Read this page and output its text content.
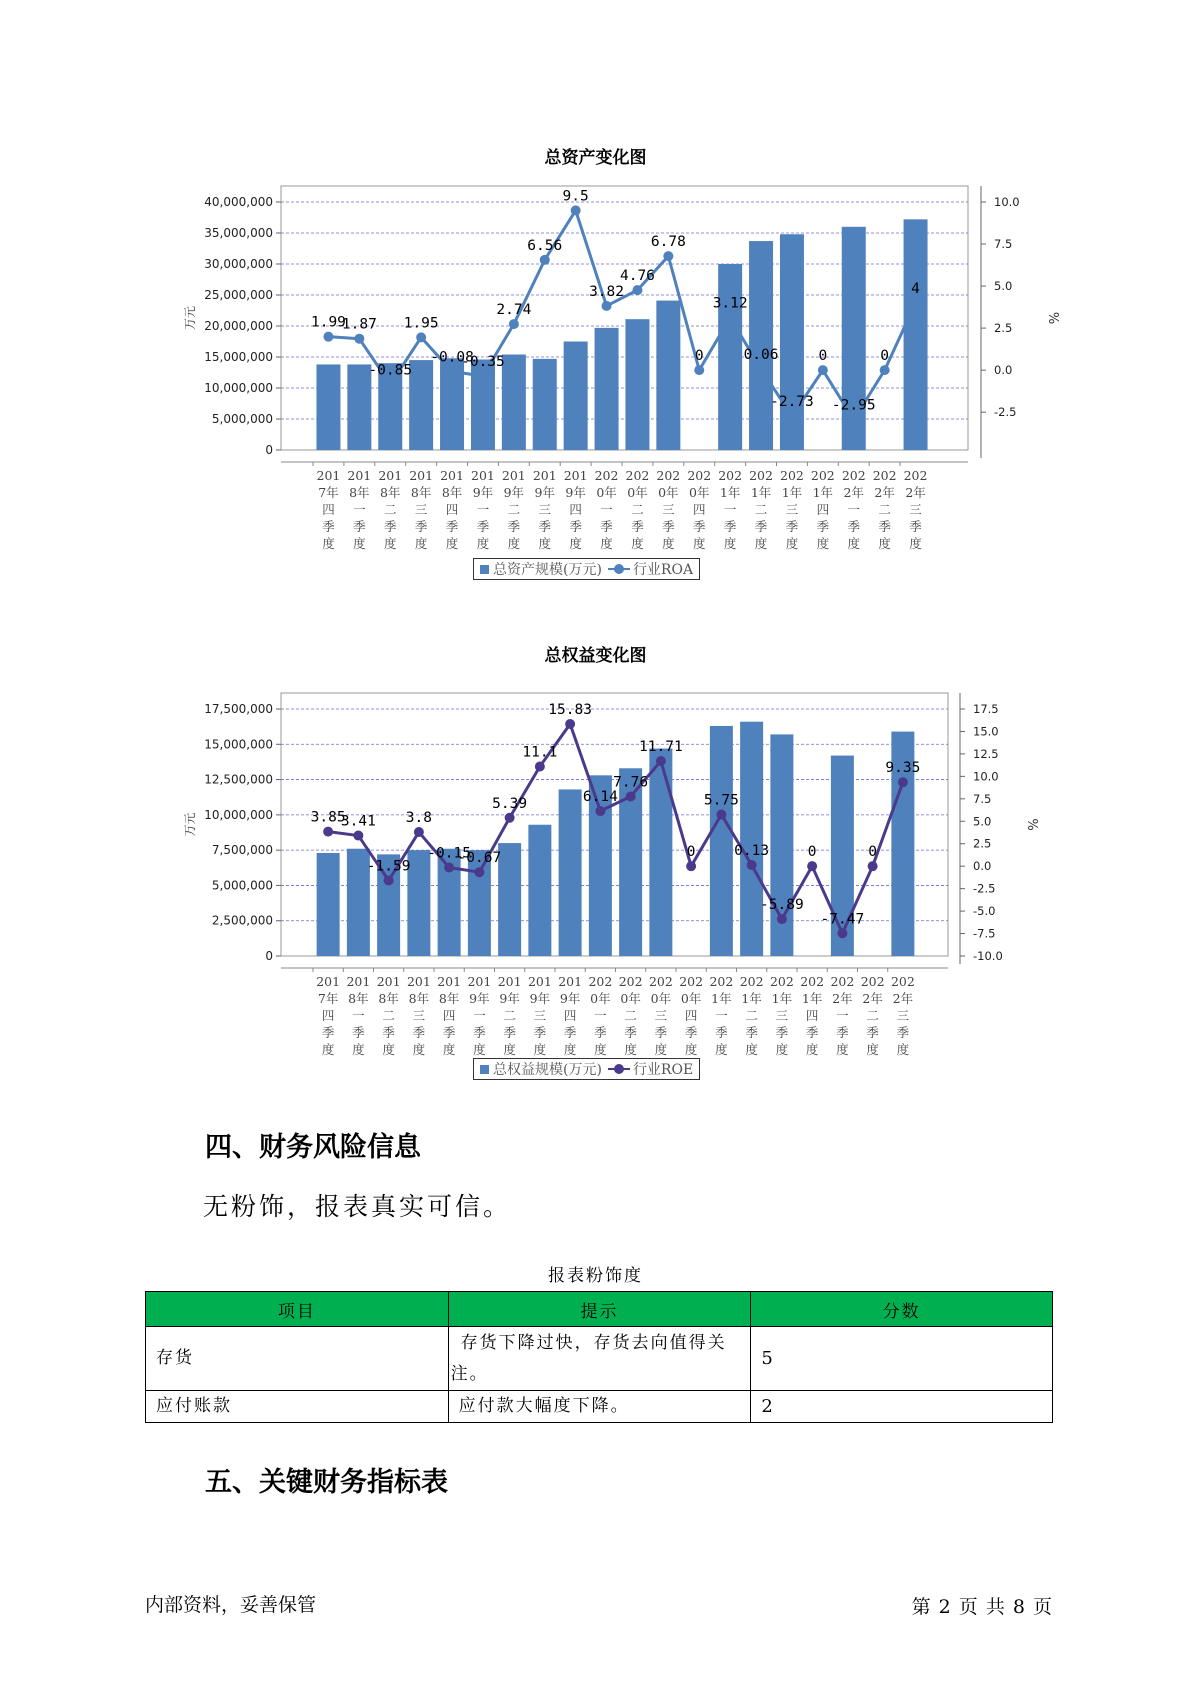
总资产变化图
0
5,000,000
10,000,000
15,000,000
20,000,000
25,000,000
30,000,000
35,000,000
40,000,000
-2.5
0.0
2.5
5.0
7.5
10.0
万元	%
201 7年四季度
201 8年一季度
201 8年二季度
201 8年三季度
201 8年四季度
201 9年一季度
201 9年二季度
201 9年三季度
201 9年四季度
202 0年一季度
202 0年二季度
202 0年三季度
202 0年四季度
202 1年一季度
202 1年二季度
202 1年三季度
202 1年四季度
202 2年一季度
202 2年二季度
202 2年三季度
1.99
1.87
-0.85
1.95
-0.08
-0.35
2.74
6.56
9.5
3.82
4.76
6.78
0
3.12
0.06
-2.73
0
-2.95
0
4
总资产规模(万元) 行业ROA
总权益变化图
0
2,500,000
5,000,000
7,500,000
10,000,000
12,500,000
15,000,000
17,500,000
-10.0
-7.5
-5.0
-2.5
0.0
2.5
5.0
7.5
10.0
12.5
15.0
17.5
万元	%
201 7年四季度
201 8年一季度
201 8年二季度
201 8年三季度
201 8年四季度
201 9年一季度
201 9年二季度
201 9年三季度
201 9年四季度
202 0年一季度
202 0年二季度
202 0年三季度
202 0年四季度
202 1年一季度
202 1年二季度
202 1年三季度
202 1年四季度
202 2年一季度
202 2年二季度
202 2年三季度
3.85
3.41
-1.59
3.8
-0.15
-0.67
5.39
11.1
15.83
6.14
7.76
11.71
0
5.75
0.13
-5.89
0
-7.47
0
9.35
总权益规模(万元) 行业ROE
四、财务风险信息
无粉饰，报表真实可信。
报表粉饰度
项目	提示	分数
存货	存货下降过快，存货去向值得关注。	5
应付账款	应付款大幅度下降。	2
五、关键财务指标表
内部资料，妥善保管	第 2 页 共 8 页
